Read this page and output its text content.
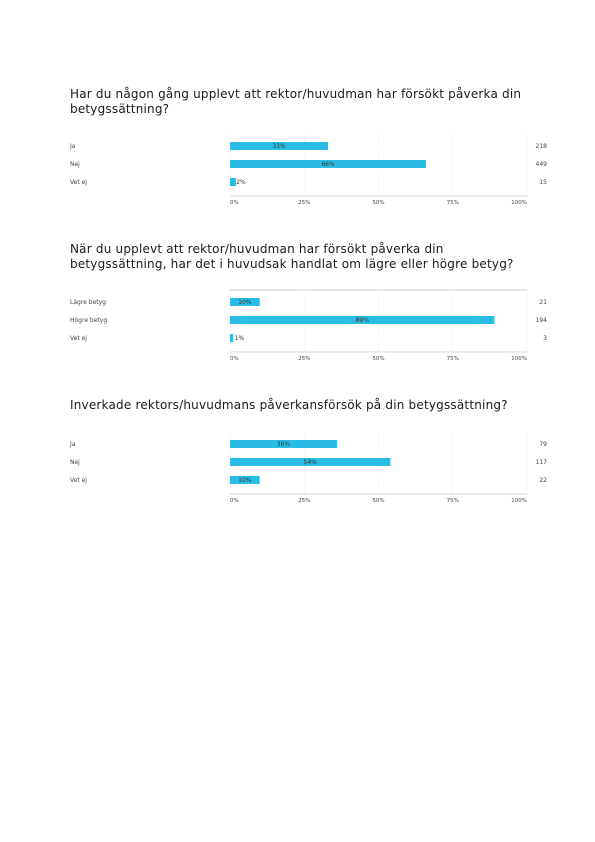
Har du någon gång upplevt att rektor/huvudman har försökt påverka din betygssättning?
Ja	33%	218
Nej	66%	449
Vet ej	2%	15
0%	25%	50%	75%	100%
När du upplevt att rektor/huvudman har försökt påverka din betygssättning, har det i huvudsak handlat om lägre eller högre betyg?
Lägre betyg	10%	21
Högre betyg	89%	194
Vet ej	1%	3
0%	25%	50%	75%	100%
Inverkade rektors/huvudmans påverkansförsök på din betygssättning?
Ja	36%	79
Nej	54%	117
Vet ej	10%	22
0%	25%	50%	75%	100%
